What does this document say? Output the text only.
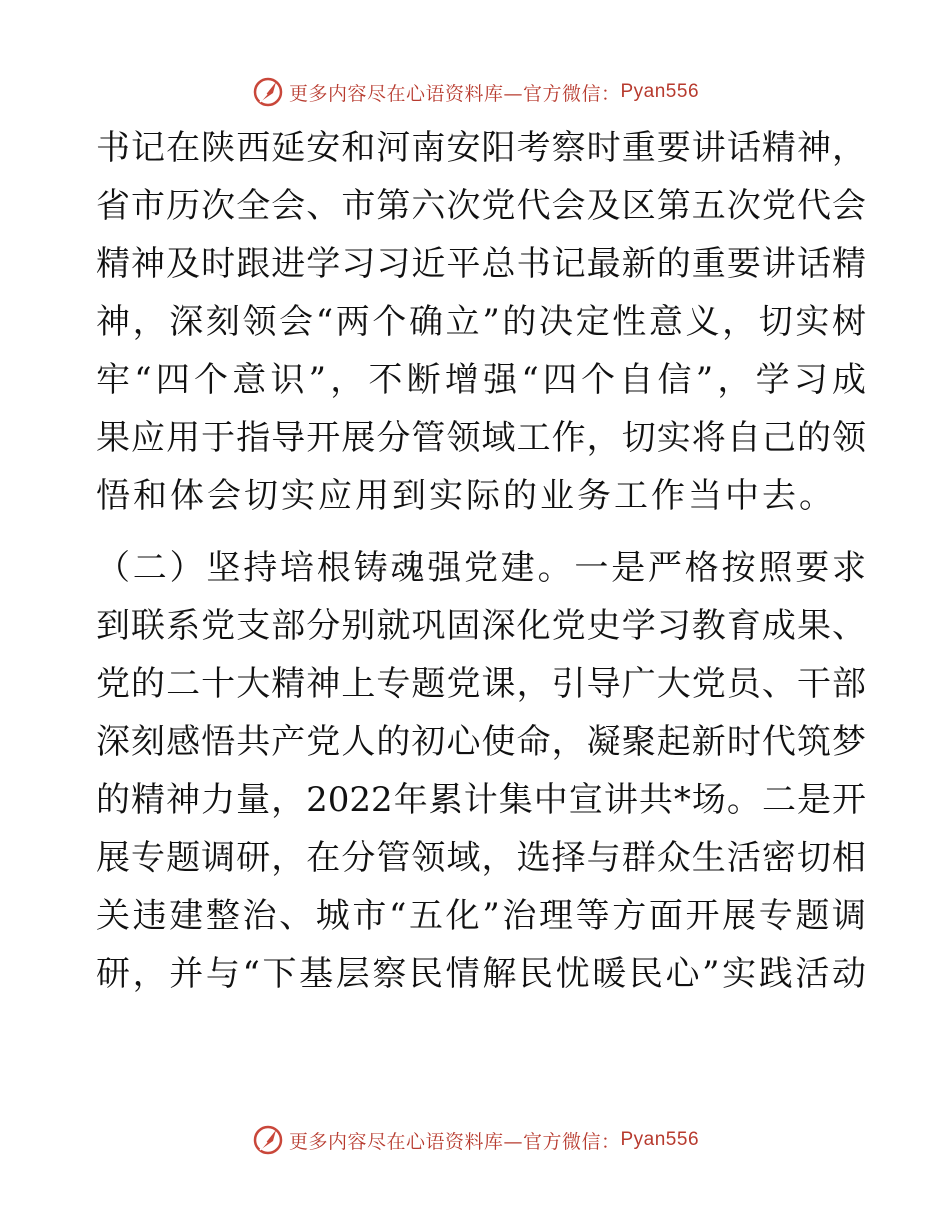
更多内容尽在心语资料库—官方微信： Pyan556
书记在陕西延安和河南安阳考察时重要讲话精神，
省市历次全会、市第六次党代会及区第五次党代会
精神及时跟进学习习近平总书记最新的重要讲话精
神，深刻领会“两个确立”的决定性意义，切实树
牢“四个意识”，不断增强“四个自信”，学习成
果应用于指导开展分管领域工作，切实将自己的领
悟和体会切实应用到实际的业务工作当中去。
（二）坚持培根铸魂强党建。一是严格按照要求
到联系党支部分别就巩固深化党史学习教育成果、
党的二十大精神上专题党课，引导广大党员、干部
深刻感悟共产党人的初心使命，凝聚起新时代筑梦
的精神力量，2022年累计集中宣讲共*场。二是开
展专题调研，在分管领域，选择与群众生活密切相
关违建整治、城市“五化”治理等方面开展专题调
研，并与“下基层察民情解民忧暖民心”实践活动
更多内容尽在心语资料库—官方微信： Pyan556
